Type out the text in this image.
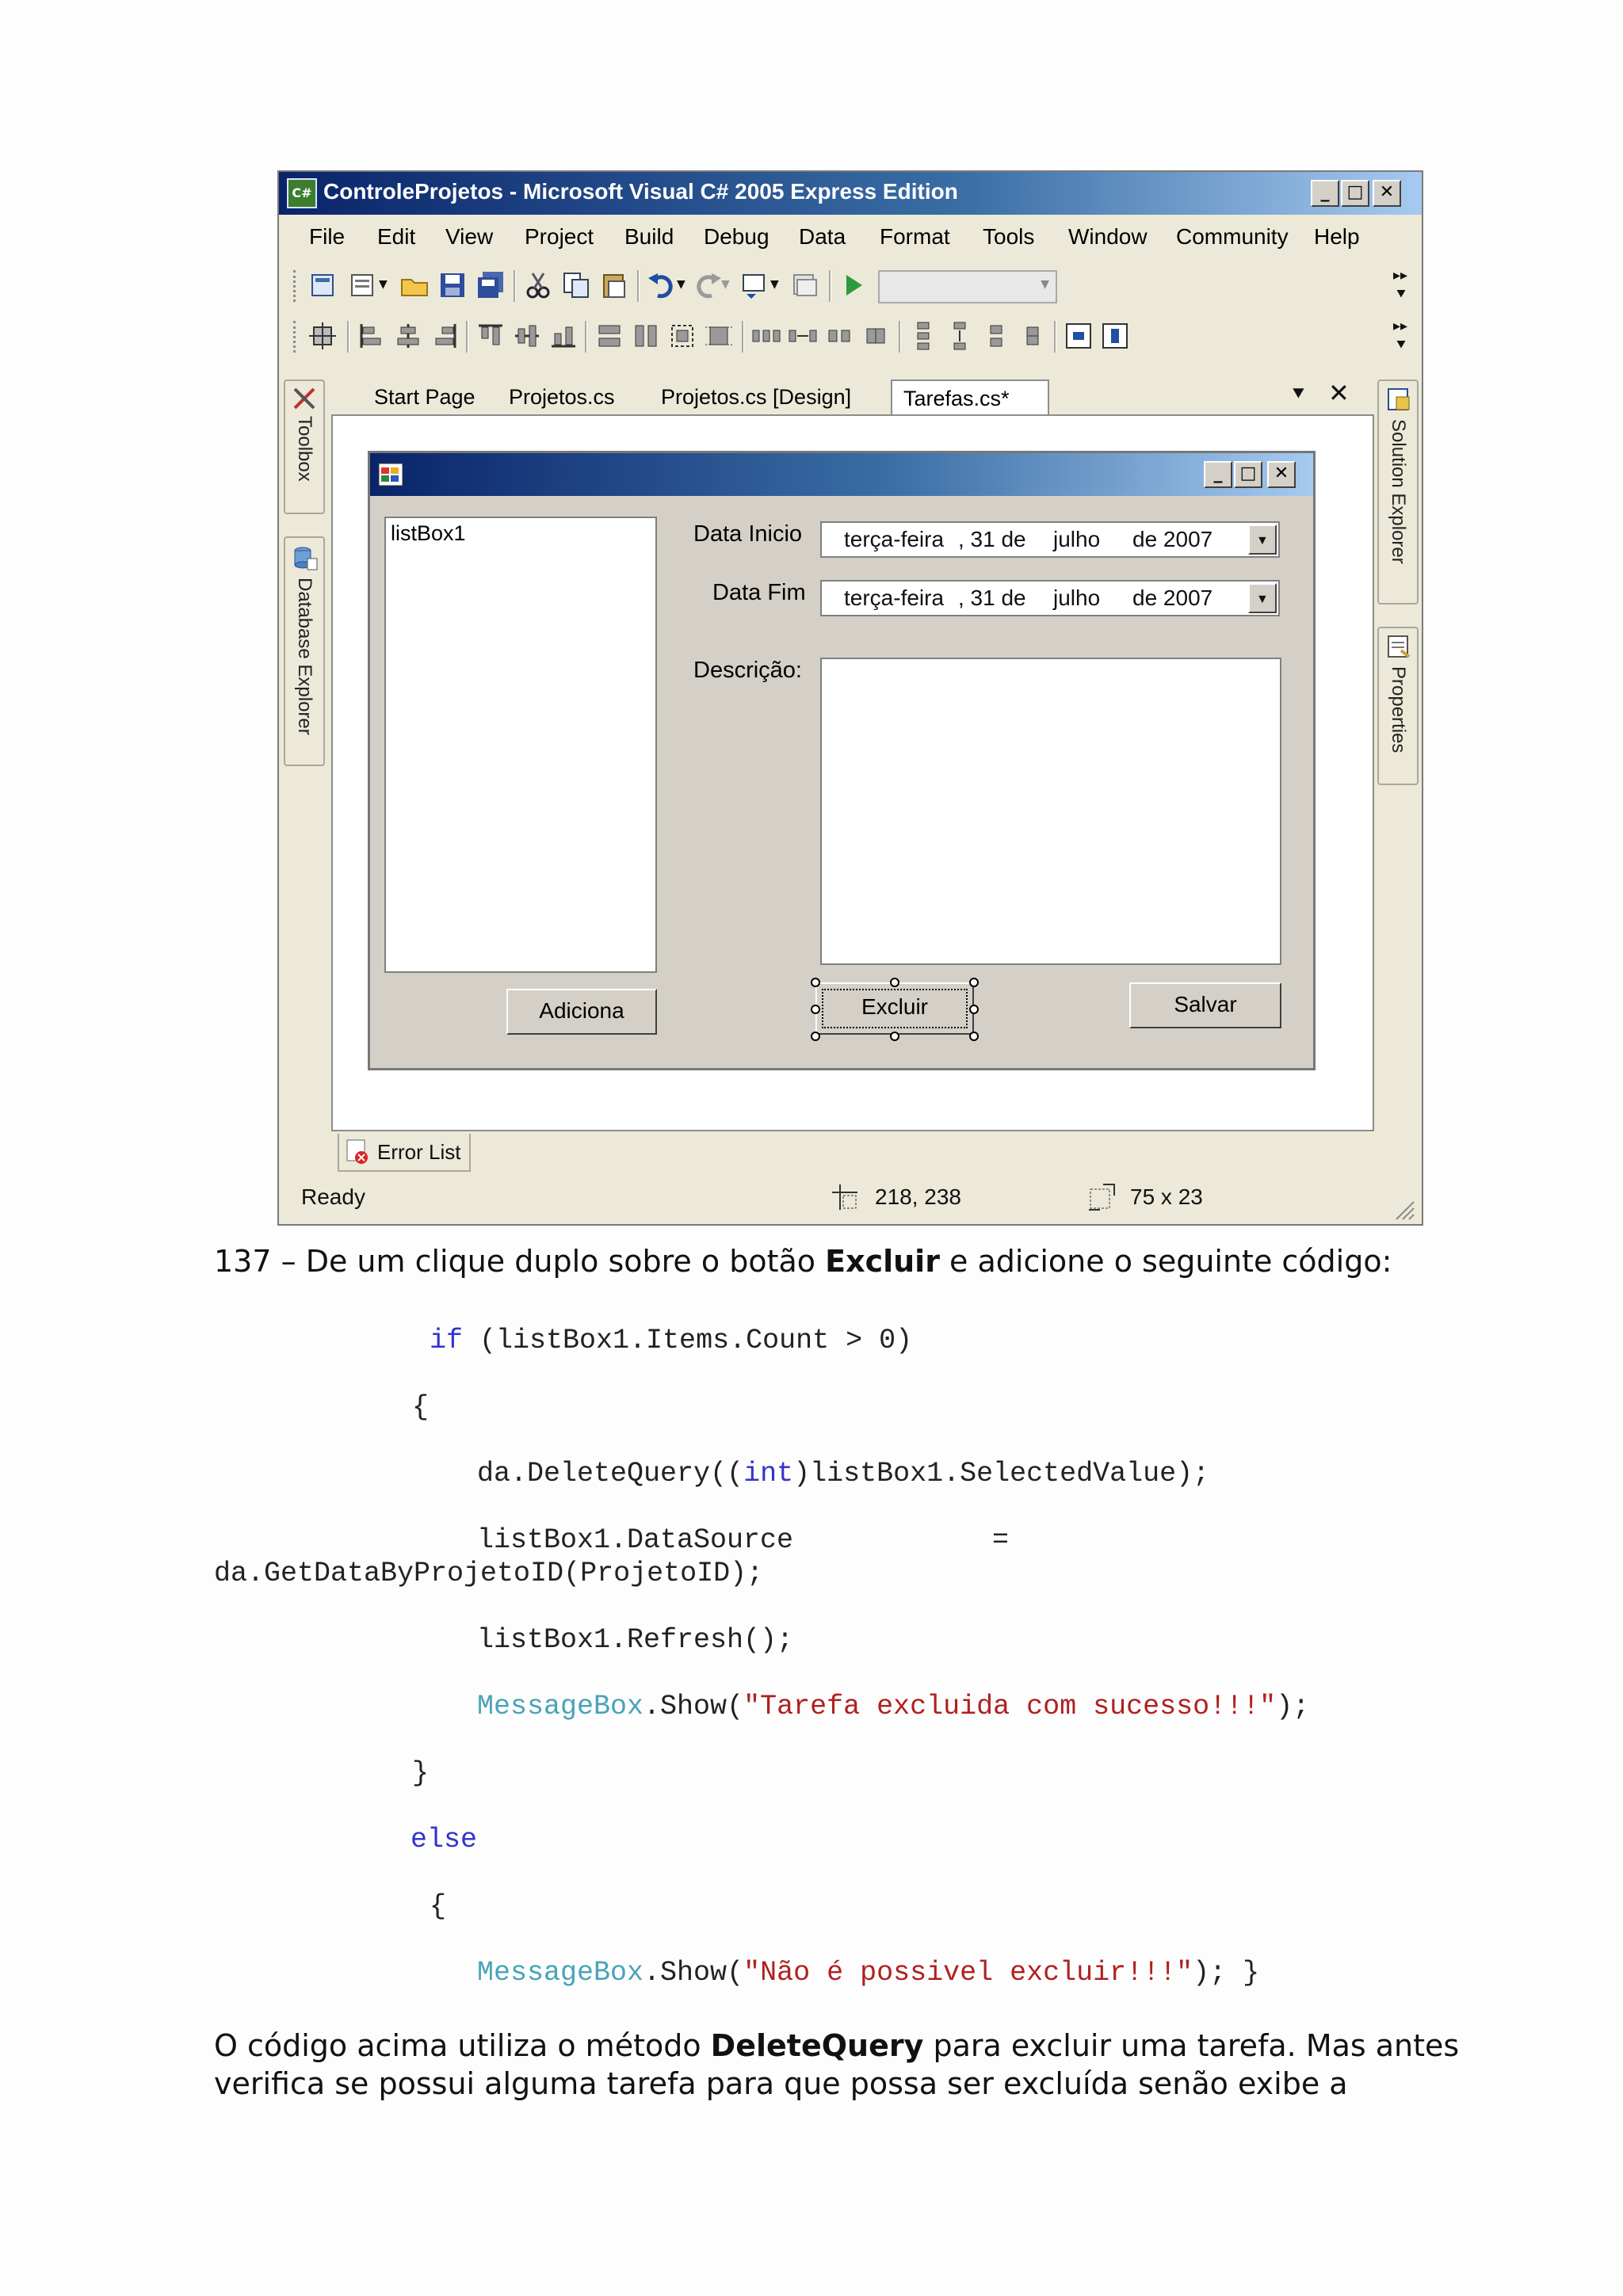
C# ControleProjetos - Microsoft Visual C# 2005 Express Edition	_	□ ✕
File Edit View Project Build Debug Data Format Tools Window Community Help
▼	▼	▼	▼	▼
▸▸
⯆
▸▸
⯆
Toolbox
Database Explorer
Solution Explorer
Properties
Start Page	Projetos.cs	Projetos.cs [Design]	Tarefas.cs*	⯆ ✕
_	□	✕
listBox1	Data Inicio terça-feira , 31 de julho de 2007	▼
Data Fim terça-feira , 31 de julho de 2007	▼
Descrição:
Adiciona	Excluir	Salvar
Error List
Ready	218, 238	75 x 23
137 – De um clique duplo sobre o botão Excluir e adicione o seguinte código:
if (listBox1.Items.Count > 0)
{
da.DeleteQuery((int)listBox1.SelectedValue);
listBox1.DataSource	=
da.GetDataByProjetoID(ProjetoID);
listBox1.Refresh();
MessageBox.Show("Tarefa excluida com sucesso!!!");
}
else
{
MessageBox.Show("Não é possivel excluir!!!"); }
O código acima utiliza o método DeleteQuery para excluir uma tarefa. Mas antes
verifica se possui alguma tarefa para que possa ser excluída senão exibe a
